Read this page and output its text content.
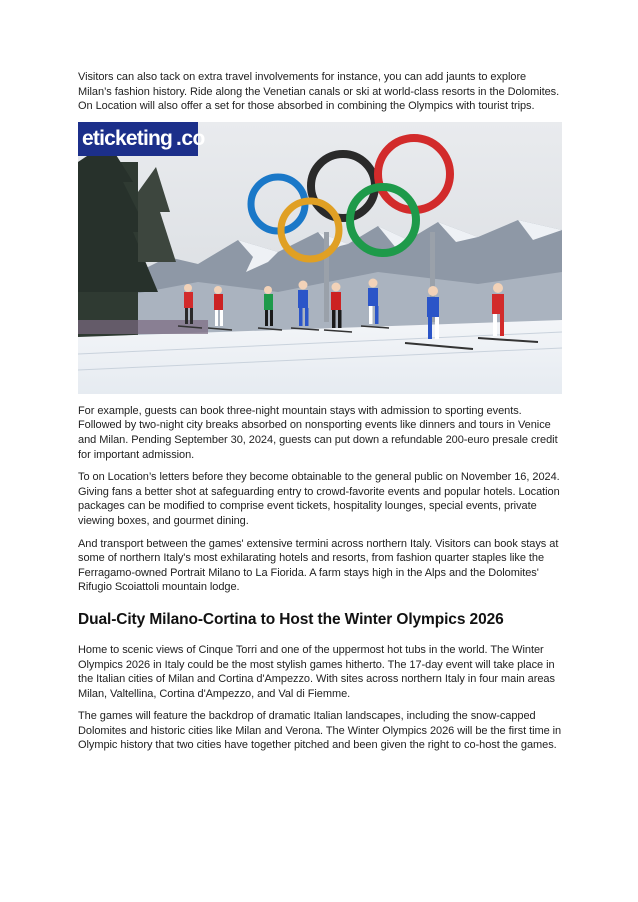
Visitors can also tack on extra travel involvements for instance, you can add jaunts to explore Milan’s fashion history. Ride along the Venetian canals or ski at world-class resorts in the Dolomites. On Location will also offer a set for those absorbed in combining the Olympics with tourist trips.

eticketing .co

For example, guests can book three-night mountain stays with admission to sporting events. Followed by two-night city breaks absorbed on nonsporting events like dinners and tours in Venice and Milan. Pending September 30, 2024, guests can put down a refundable 200-euro presale credit for important admission.

To on Location’s letters before they become obtainable to the general public on November 16, 2024. Giving fans a better shot at safeguarding entry to crowd-favorite events and popular hotels. Location packages can be modified to comprise event tickets, hospitality lounges, special events, private viewing boxes, and gourmet dining.

And transport between the games' extensive termini across northern Italy. Visitors can book stays at some of northern Italy's most exhilarating hotels and resorts, from fashion quarter staples like the Ferragamo-owned Portrait Milano to La Fiorida. A farm stays high in the Alps and the Dolomites' Rifugio Scoiattoli mountain lodge.

Dual-City Milano-Cortina to Host the Winter Olympics 2026

Home to scenic views of Cinque Torri and one of the uppermost hot tubs in the world. The Winter Olympics 2026 in Italy could be the most stylish games hitherto. The 17-day event will take place in the Italian cities of Milan and Cortina d'Ampezzo. With sites across northern Italy in four main areas Milan, Valtellina, Cortina d'Ampezzo, and Val di Fiemme.

The games will feature the backdrop of dramatic Italian landscapes, including the snow-capped Dolomites and historic cities like Milan and Verona. The Winter Olympics 2026 will be the first time in Olympic history that two cities have together pitched and been given the right to co-host the games.
